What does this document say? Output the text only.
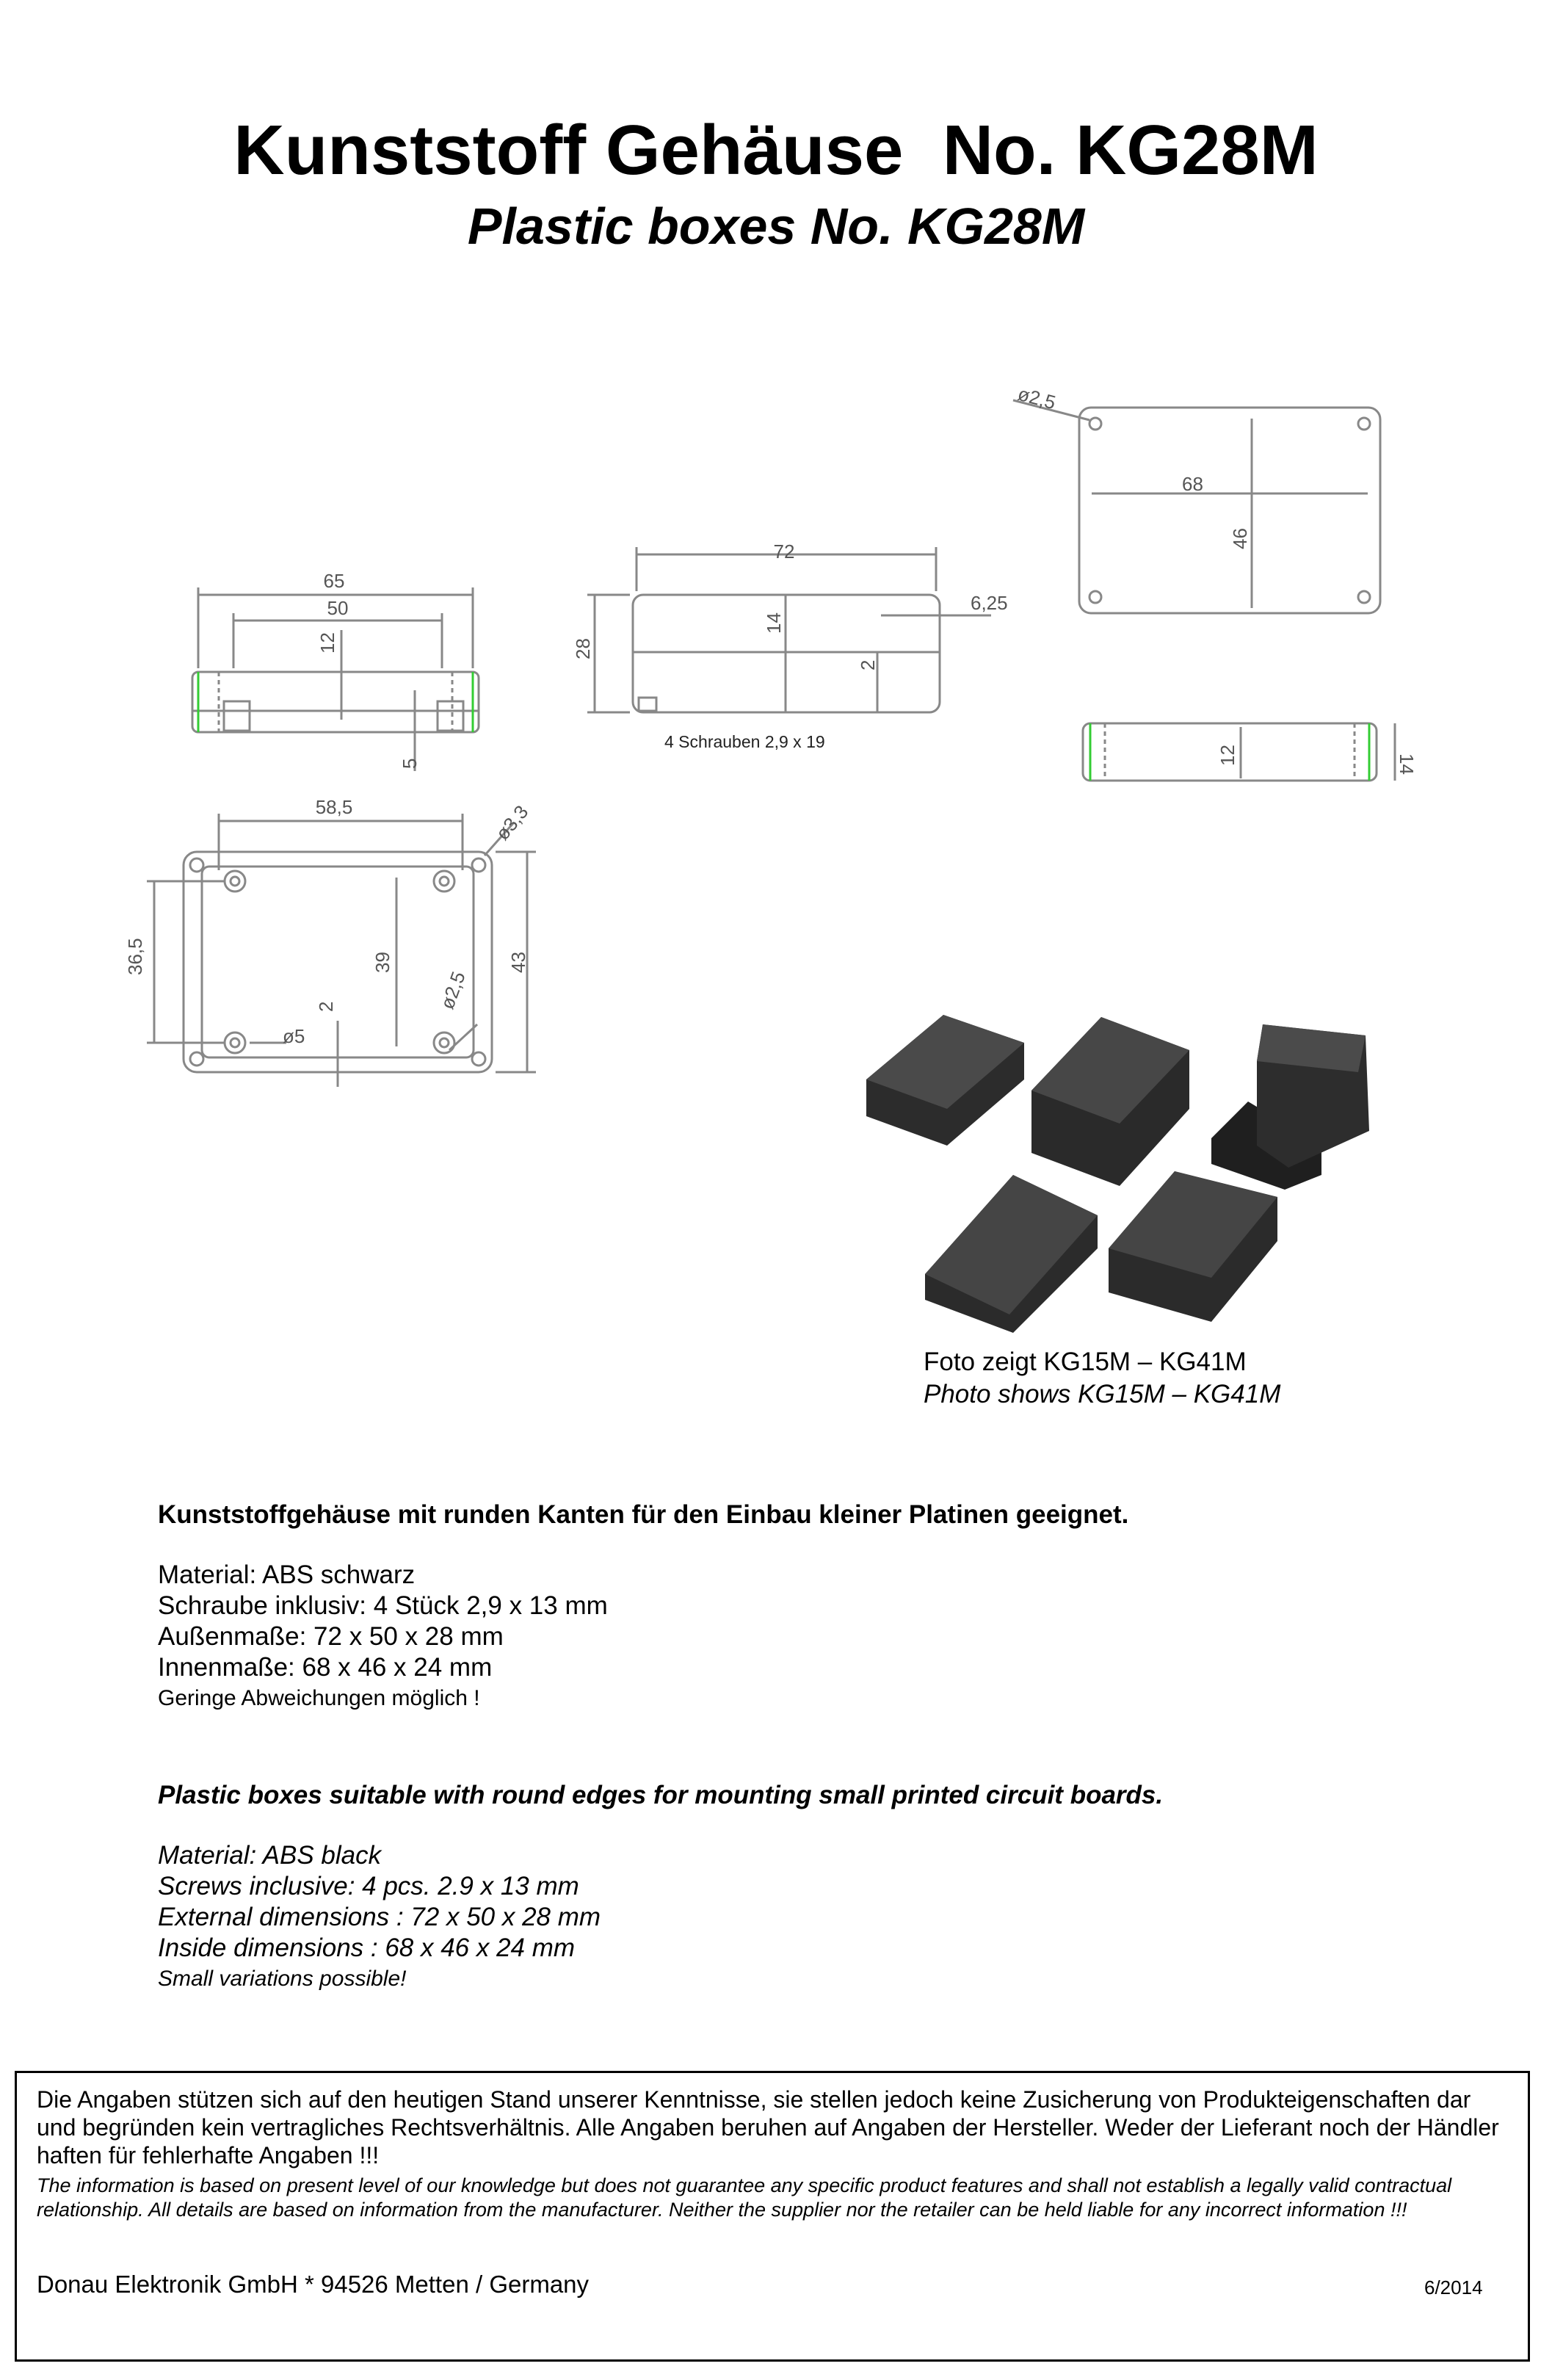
Kunststoff Gehäuse  No. KG28M
Plastic boxes No. KG28M
65
50
12
5
72
28
14
2
6,25
4 Schrauben 2,9 x 19
ø2,5
68
46
12	14
58,5	ø3,3
36,5	39	43
2
ø5
ø2,5
Foto zeigt KG15M – KG41M
Photo shows KG15M – KG41M
Kunststoffgehäuse mit runden Kanten für den Einbau kleiner Platinen geeignet.
Material: ABS schwarz
Schraube inklusiv: 4 Stück 2,9 x 13 mm
Außenmaße: 72 x 50 x 28 mm
Innenmaße: 68 x 46 x 24 mm
Geringe Abweichungen möglich !
Plastic boxes suitable with round edges for mounting small printed circuit boards.
Material: ABS black
Screws inclusive: 4 pcs. 2.9 x 13 mm
External dimensions : 72 x 50 x 28 mm
Inside dimensions : 68 x 46 x 24 mm
Small variations possible!
Die Angaben stützen sich auf den heutigen Stand unserer Kenntnisse, sie stellen jedoch keine Zusicherung von Produkteigenschaften dar und begründen kein vertragliches Rechtsverhältnis. Alle Angaben beruhen auf Angaben der Hersteller. Weder der Lieferant noch der Händler haften für fehlerhafte Angaben !!!
The information is based on present level of our knowledge but does not guarantee any specific product features and shall not establish a legally valid contractual relationship. All details are based on information from the manufacturer. Neither the supplier nor the retailer can be held liable for any incorrect information !!!
Donau Elektronik GmbH * 94526 Metten / Germany	6/2014
